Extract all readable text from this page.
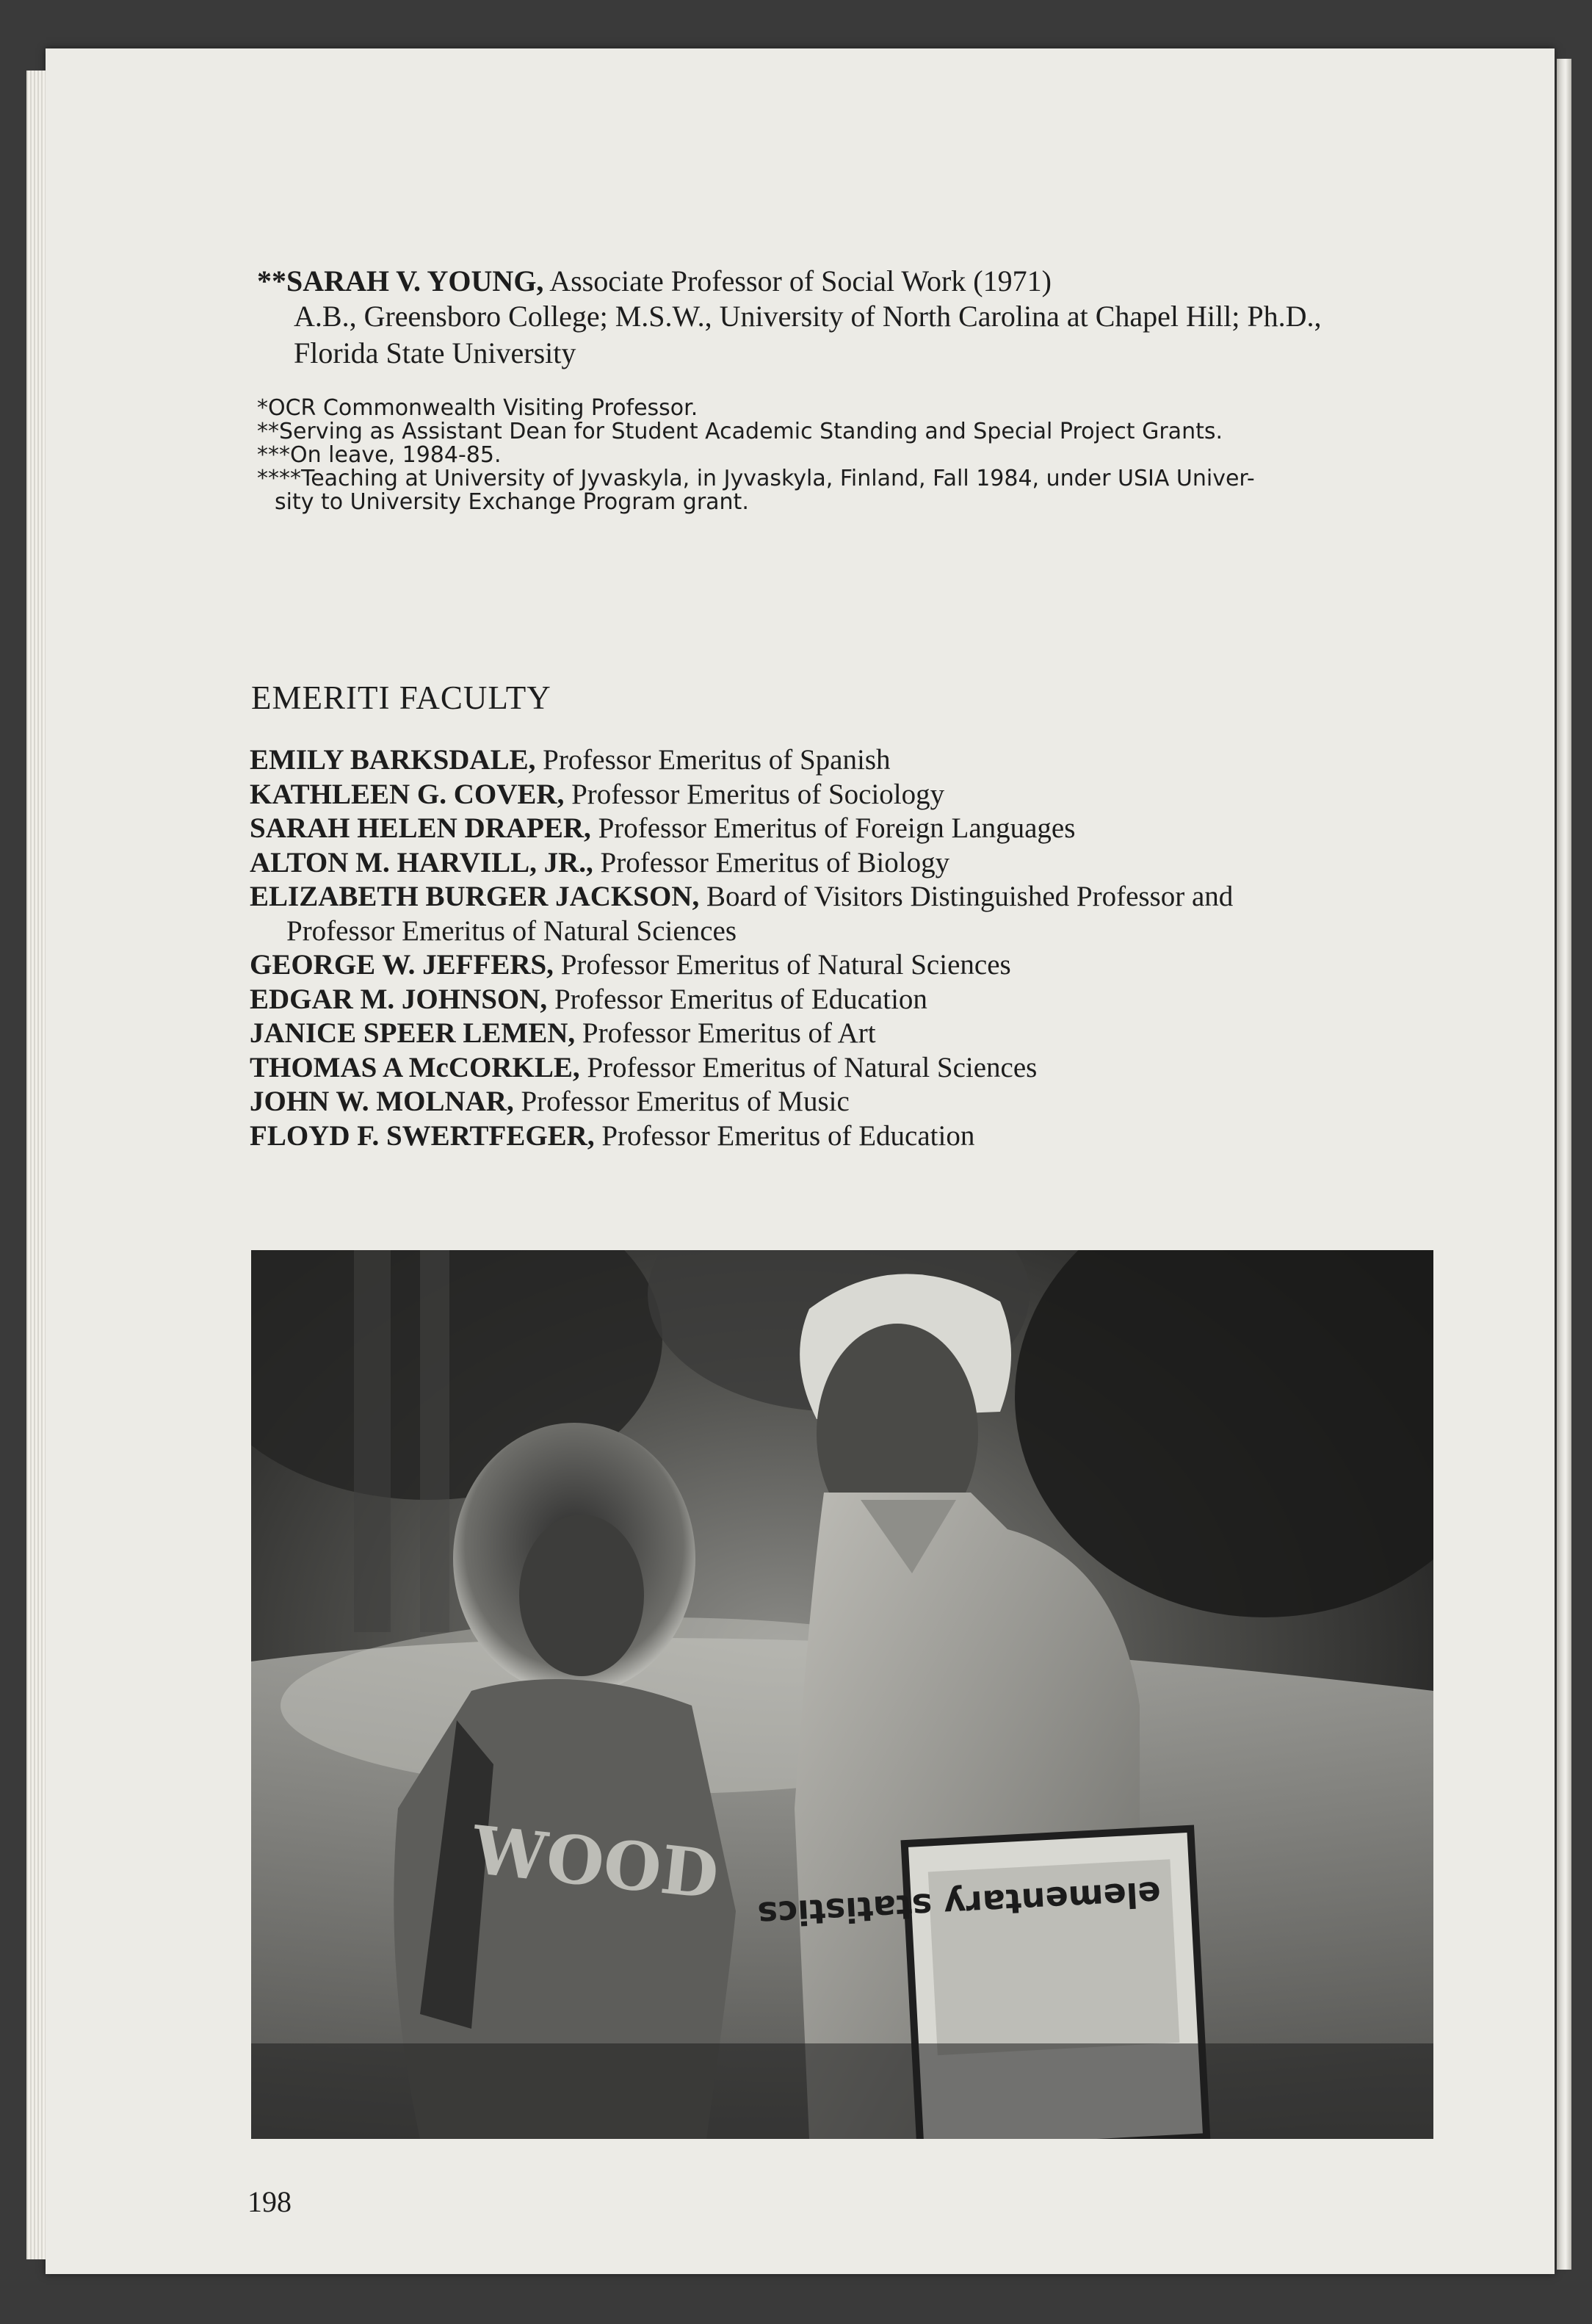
**SARAH V. YOUNG, Associate Professor of Social Work (1971)
A.B., Greensboro College; M.S.W., University of North Carolina at Chapel Hill; Ph.D.,
Florida State University

*OCR Commonwealth Visiting Professor.

**Serving as Assistant Dean for Student Academic Standing and Special Project Grants.

***On leave, 1984-85.

****Teaching at University of Jyvaskyla, in Jyvaskyla, Finland, Fall 1984, under USIA Univer-
sity to University Exchange Program grant.

EMERITI FACULTY
EMILY BARKSDALE, Professor Emeritus of Spanish
KATHLEEN G. COVER, Professor Emeritus of Sociology
SARAH HELEN DRAPER, Professor Emeritus of Foreign Languages
ALTON M. HARVILL, JR., Professor Emeritus of Biology
ELIZABETH BURGER JACKSON, Board of Visitors Distinguished Professor and
Professor Emeritus of Natural Sciences
GEORGE W. JEFFERS, Professor Emeritus of Natural Sciences
EDGAR M. JOHNSON, Professor Emeritus of Education
JANICE SPEER LEMEN, Professor Emeritus of Art
THOMAS A McCORKLE, Professor Emeritus of Natural Sciences
JOHN W. MOLNAR, Professor Emeritus of Music
FLOYD F. SWERTFEGER, Professor Emeritus of Education
WOOD elementary statistics
198
